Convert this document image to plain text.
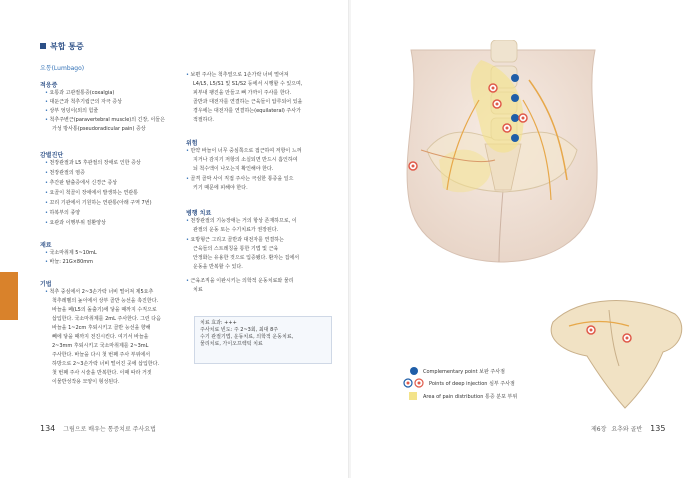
복합 통증
요통(Lumbago)
적응증
• 요통과 고관절통증(coxalgia)
• 대둔근과 척추기립근의 자극 증상
• 상부 엉덩이(외의 힘줄
• 척추주변근(paravertebral muscle)의 긴장, 이들은
가성 방사통(pseudoradicular pain) 증상
감별진단
• 천장관절과 L5 후관절의 장애로 인한 증상
• 천장관절의 염증
• 추간판 탈출증에서 신경근 증상
• 요골이 척골이 장애에서 발생하는 연관통
• 꼬리 기관에서 기원하는 연관통(아래 구역 7번)
• 하복부의 종양
• 요관과 이행부위 질환양상
재료
• 국소마취제 5~10mL
• 바늘: 21G×80mm
기법
• 척추 중심에서 2~3손가락 너비 떨어져 제5요추
척추레벨의 높이에서 상부 골반 능선을 촉진한다.
바늘을 페(L5의 돌출기)에 닿을 때까지 수직으로
삽입한다. 국소마취제를 2mL 주사한다. 그런 다음
바늘을 1~2cm 후퇴시키고 골반 능선을 향해
빼에 닿을 때까지 전진시킨다. 여기서 바늘을
2~3mm 후퇴시키고 국소마취제를 2~3mL
주사한다. 바늘을 다시 첫 번째 주사 부위에서
하방으로 2~3손가락 너비 떨어진 곳에 삽입한다.
첫 번째 주사 시술을 반복한다. 이때 따라 거짓
이물반성작용 모양이 형성된다.
• 보편 주사는 척추열으로 1손가락 너비 떨어져
L4/L5, L5/S1 및 S1/S2 등에서 시행할 수 있으며,
피부내 팽진을 만들고 뼈 가까이 주사를 한다.
골반과 대전자를 연결하는 근육들이 압루되어 있을
경우에는 대전자를 연결하는(equilateral) 주사가
적절하다.
위험
• 만약 바늘이 너무 중심쪽으로 접근하여 저항이 느껴
지거나 감지기 저항의 소실되면 반드시 흡인하여
뇌 척수액이 나오는지 확인해야 한다.
• 골격 골막 사이 직접 주사는 극심한 통증을 일으
키기 때문에 피해야 한다.
병행 치료
• 천장관절의 기능장애는 거의 항상 존재하므로, 이
관절의 운동 또는 수기치료가 권장된다.
• 요방형근 그리고 골반과 대전자를 연결하는
근육들의 스트레칭을 통한 기법 및 근육
안정화는 유용한 것으로 입증됐다. 환자는 집에서
운동을 반복할 수 있다.
• 근육조직을 이완시키는 의학적 운동치료와 물리
치료
치료 효과: +++
주사치료 빈도: 주 2~3회, 최대 8주
수기 관절기법, 운동치료, 의학적 운동치료,
물리치료, 가이오프렉틱 치료
134 그림으로 배우는 통증치료 주사요법
Complementary point 보완 주사점
Points of deep injection 심부 주사점
Area of pain distribution 통증 분포 부위
제6장 요추와 골반 135
